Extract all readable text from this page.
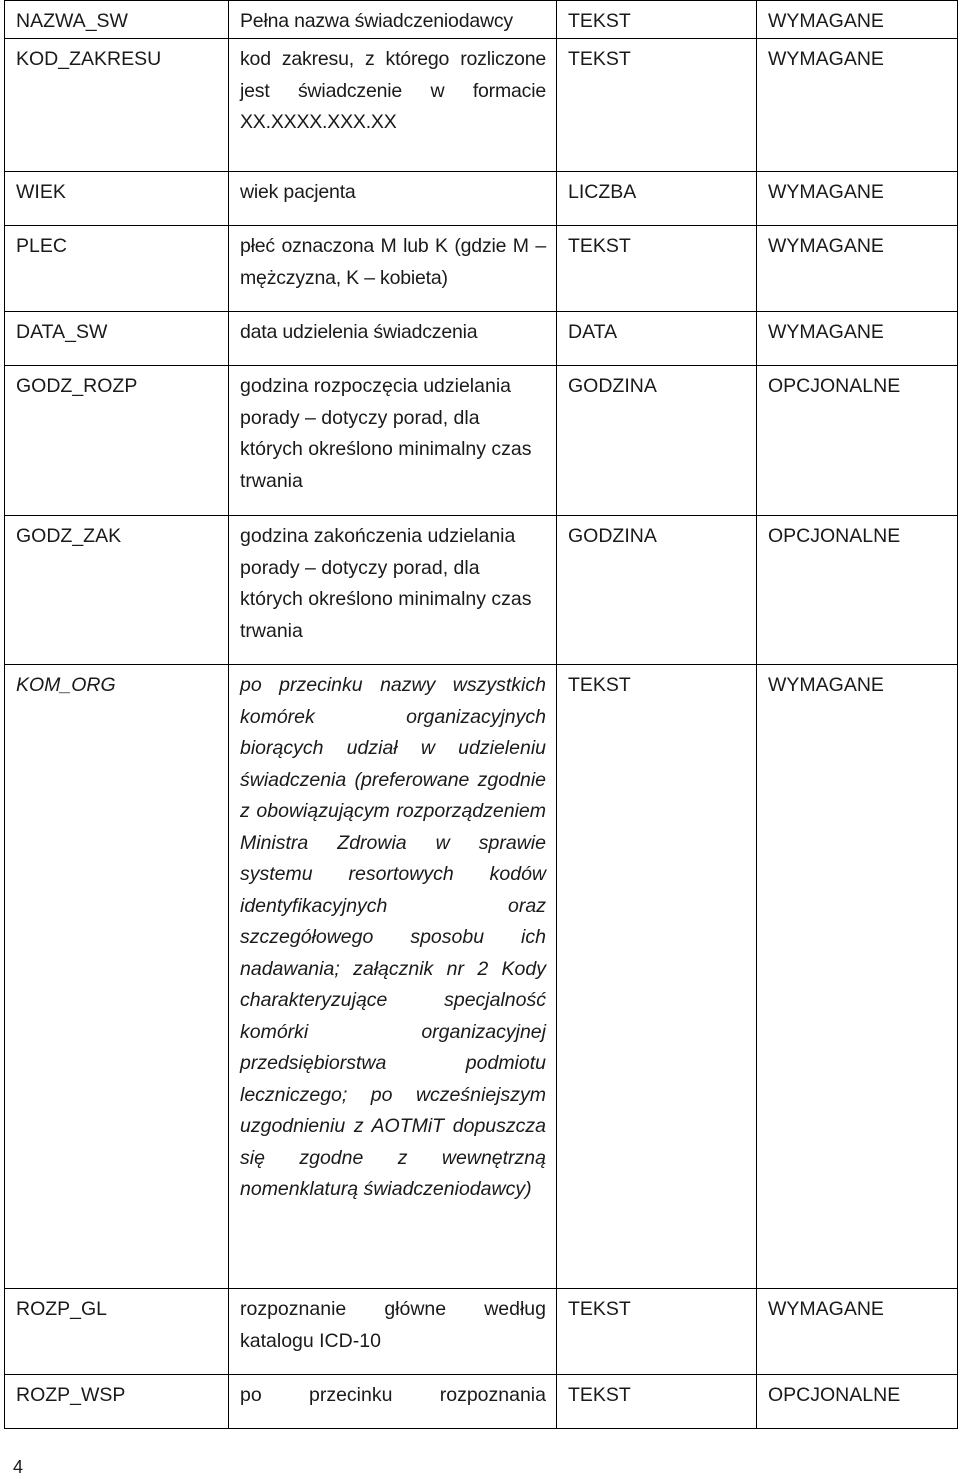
NAZWA_SW	Pełna nazwa świadczeniodawcy	TEKST	WYMAGANE
KOD_ZAKRESU	kod zakresu, z którego rozliczone jest świadczenie w formacie XX.XXXX.XXX.XX	TEKST	WYMAGANE
WIEK	wiek pacjenta	LICZBA	WYMAGANE
PLEC	płeć oznaczona M lub K (gdzie M – mężczyzna, K – kobieta)	TEKST	WYMAGANE
DATA_SW	data udzielenia świadczenia	DATA	WYMAGANE
GODZ_ROZP	godzina rozpoczęcia udzielania porady – dotyczy porad, dla których określono minimalny czas trwania	GODZINA	OPCJONALNE
GODZ_ZAK	godzina zakończenia udzielania porady – dotyczy porad, dla których określono minimalny czas trwania	GODZINA	OPCJONALNE
KOM_ORG	po przecinku nazwy wszystkich komórek organizacyjnych biorących udział w udzieleniu świadczenia (preferowane zgodnie z obowiązującym rozporządzeniem Ministra Zdrowia w sprawie systemu resortowych kodów identyfikacyjnych oraz szczegółowego sposobu ich nadawania; załącznik nr 2 Kody charakteryzujące specjalność komórki organizacyjnej przedsiębiorstwa podmiotu leczniczego; po wcześniejszym uzgodnieniu z AOTMiT dopuszcza się zgodne z wewnętrzną nomenklaturą świadczeniodawcy)	TEKST	WYMAGANE
ROZP_GL	rozpoznanie główne według katalogu ICD-10	TEKST	WYMAGANE
ROZP_WSP	po przecinku rozpoznania	TEKST	OPCJONALNE
4
